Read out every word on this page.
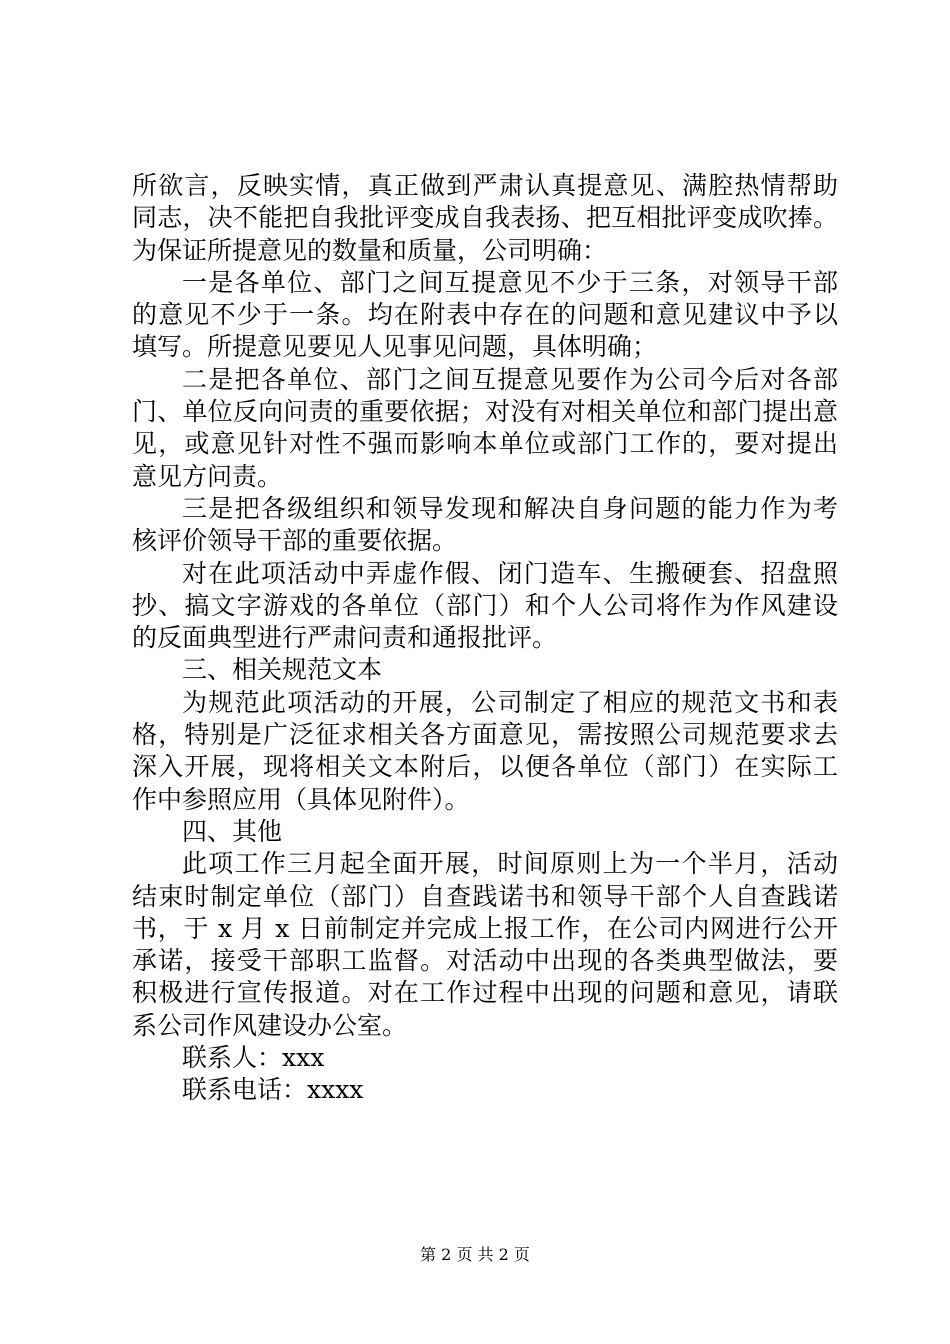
所欲言，反映实情，真正做到严肃认真提意见、满腔热情帮助
同志，决不能把自我批评变成自我表扬、把互相批评变成吹捧。
为保证所提意见的数量和质量，公司明确：
一是各单位、部门之间互提意见不少于三条，对领导干部
的意见不少于一条。均在附表中存在的问题和意见建议中予以
填写。所提意见要见人见事见问题，具体明确；
二是把各单位、部门之间互提意见要作为公司今后对各部
门、单位反向问责的重要依据；对没有对相关单位和部门提出意
见，或意见针对性不强而影响本单位或部门工作的，要对提出
意见方问责。
三是把各级组织和领导发现和解决自身问题的能力作为考
核评价领导干部的重要依据。
对在此项活动中弄虚作假、闭门造车、生搬硬套、招盘照
抄、搞文字游戏的各单位（部门）和个人公司将作为作风建设
的反面典型进行严肃问责和通报批评。
三、相关规范文本
为规范此项活动的开展，公司制定了相应的规范文书和表
格，特别是广泛征求相关各方面意见，需按照公司规范要求去
深入开展，现将相关文本附后，以便各单位（部门）在实际工
作中参照应用（具体见附件）。
四、其他
此项工作三月起全面开展，时间原则上为一个半月，活动
结束时制定单位（部门）自查践诺书和领导干部个人自查践诺
书，于 x 月 x 日前制定并完成上报工作，在公司内网进行公开
承诺，接受干部职工监督。对活动中出现的各类典型做法，要
积极进行宣传报道。对在工作过程中出现的问题和意见，请联
系公司作风建设办公室。
联系人：xxx
联系电话：xxxx
第 2 页 共 2 页
